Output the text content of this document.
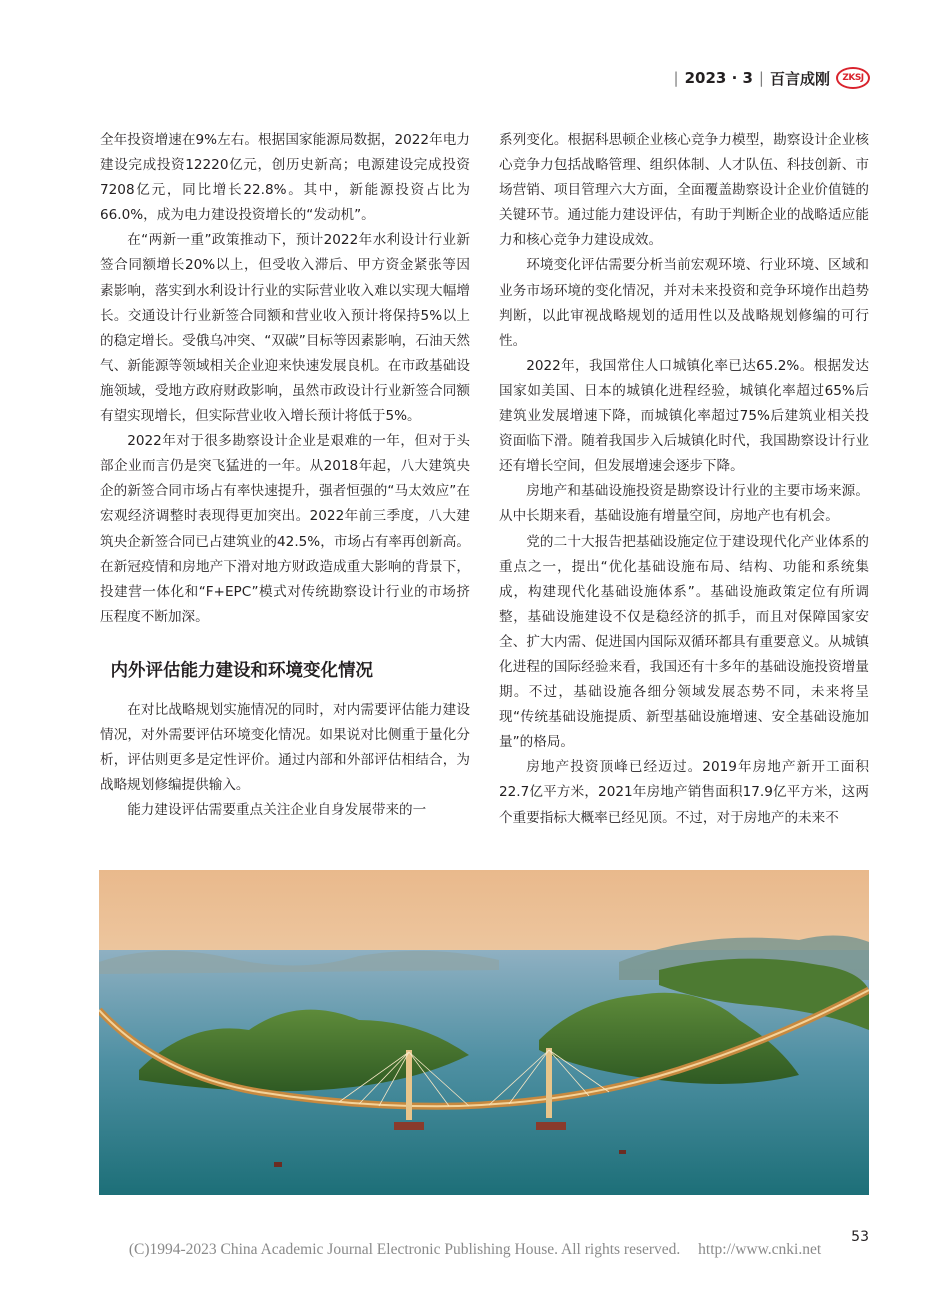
| 2023 · 3 | 百言成刚 ZKSJ

全年投资增速在9%左右。根据国家能源局数据，2022年电力建设完成投资12220亿元，创历史新高；电源建设完成投资7208亿元，同比增长22.8%。其中，新能源投资占比为66.0%，成为电力建设投资增长的“发动机”。

在“两新一重”政策推动下，预计2022年水利设计行业新签合同额增长20%以上，但受收入滞后、甲方资金紧张等因素影响，落实到水利设计行业的实际营业收入难以实现大幅增长。交通设计行业新签合同额和营业收入预计将保持5%以上的稳定增长。受俄乌冲突、“双碳”目标等因素影响，石油天然气、新能源等领域相关企业迎来快速发展良机。在市政基础设施领域，受地方政府财政影响，虽然市政设计行业新签合同额有望实现增长，但实际营业收入增长预计将低于5%。

2022年对于很多勘察设计企业是艰难的一年，但对于头部企业而言仍是突飞猛进的一年。从2018年起，八大建筑央企的新签合同市场占有率快速提升，强者恒强的“马太效应”在宏观经济调整时表现得更加突出。2022年前三季度，八大建筑央企新签合同已占建筑业的42.5%，市场占有率再创新高。在新冠疫情和房地产下滑对地方财政造成重大影响的背景下，投建营一体化和“F+EPC”模式对传统勘察设计行业的市场挤压程度不断加深。

内外评估能力建设和环境变化情况

在对比战略规划实施情况的同时，对内需要评估能力建设情况，对外需要评估环境变化情况。如果说对比侧重于量化分析，评估则更多是定性评价。通过内部和外部评估相结合，为战略规划修编提供输入。

能力建设评估需要重点关注企业自身发展带来的一

系列变化。根据科思顿企业核心竞争力模型，勘察设计企业核心竞争力包括战略管理、组织体制、人才队伍、科技创新、市场营销、项目管理六大方面，全面覆盖勘察设计企业价值链的关键环节。通过能力建设评估，有助于判断企业的战略适应能力和核心竞争力建设成效。

环境变化评估需要分析当前宏观环境、行业环境、区域和业务市场环境的变化情况，并对未来投资和竞争环境作出趋势判断，以此审视战略规划的适用性以及战略规划修编的可行性。

2022年，我国常住人口城镇化率已达65.2%。根据发达国家如美国、日本的城镇化进程经验，城镇化率超过65%后建筑业发展增速下降，而城镇化率超过75%后建筑业相关投资面临下滑。随着我国步入后城镇化时代，我国勘察设计行业还有增长空间，但发展增速会逐步下降。

房地产和基础设施投资是勘察设计行业的主要市场来源。从中长期来看，基础设施有增量空间，房地产也有机会。

党的二十大报告把基础设施定位于建设现代化产业体系的重点之一，提出“优化基础设施布局、结构、功能和系统集成，构建现代化基础设施体系”。基础设施政策定位有所调整，基础设施建设不仅是稳经济的抓手，而且对保障国家安全、扩大内需、促进国内国际双循环都具有重要意义。从城镇化进程的国际经验来看，我国还有十多年的基础设施投资增量期。不过，基础设施各细分领域发展态势不同，未来将呈现“传统基础设施提质、新型基础设施增速、安全基础设施加量”的格局。

房地产投资顶峰已经迈过。2019年房地产新开工面积22.7亿平方米，2021年房地产销售面积17.9亿平方米，这两个重要指标大概率已经见顶。不过，对于房地产的未来不

53
(C)1994-2023 China Academic Journal Electronic Publishing House. All rights reserved. http://www.cnki.net
